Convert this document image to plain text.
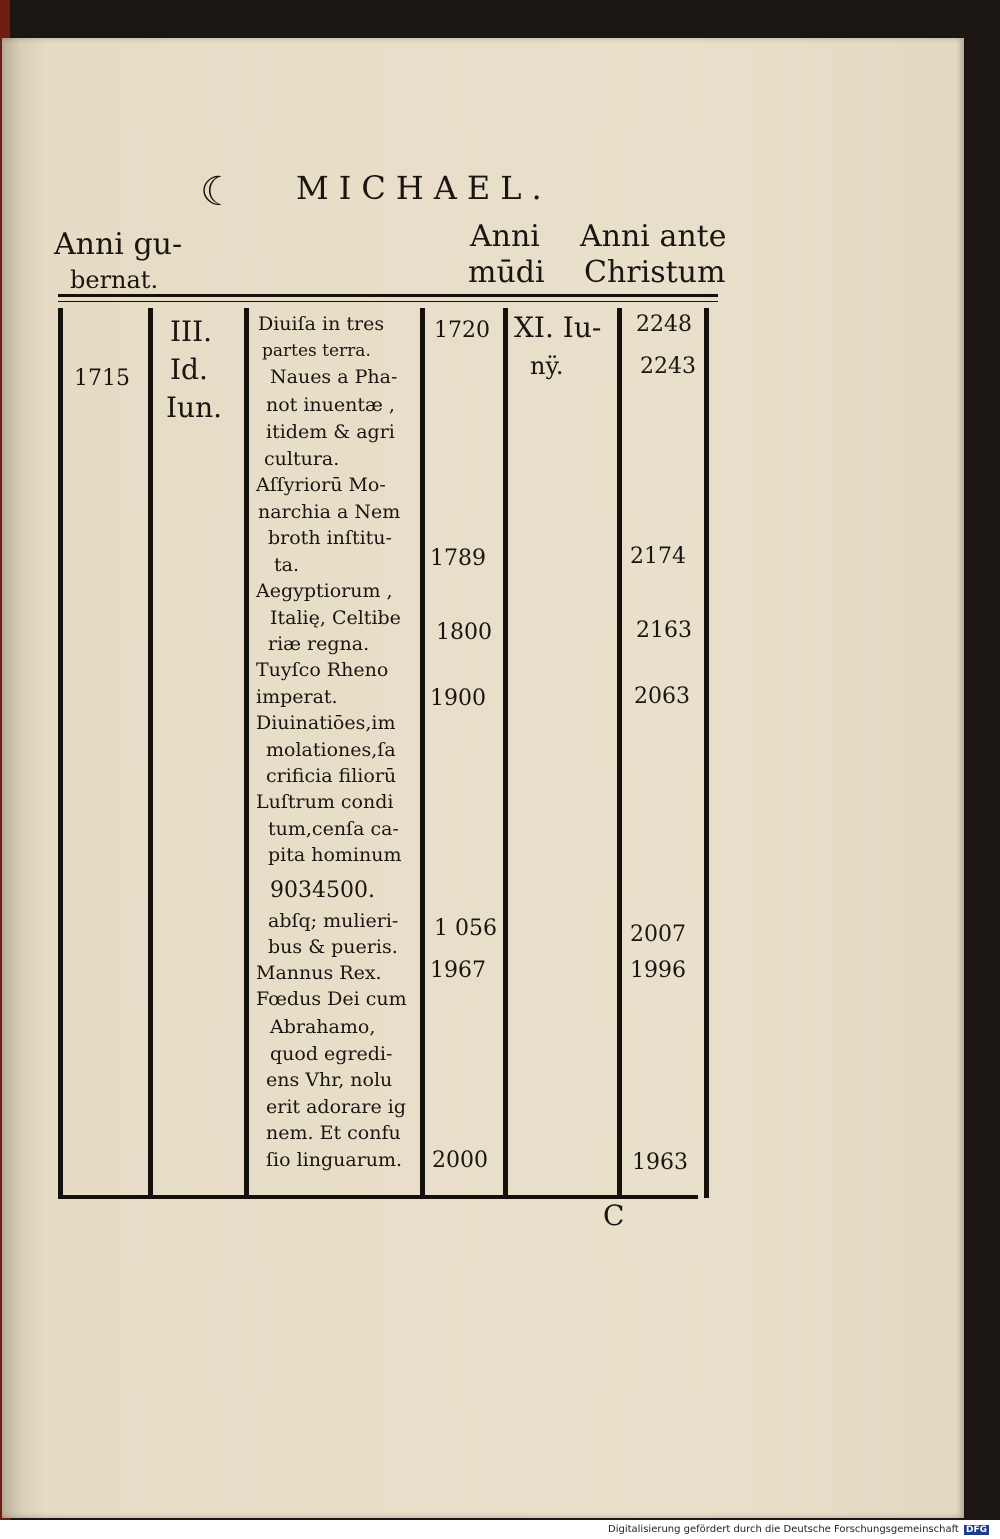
☾ MICHAEL.
Anni gu-
bernat.
Anni
mūdi
Anni ante
Christum
1715
III.
Id.
Iun.
XI. Iu-
nÿ.
Diuiſa in tres
partes terra.
Naues a Pha-
not inuentæ ,
itidem & agri
cultura.
Aſſyriorū Mo-
narchia a Nem
broth inſtitu-
ta.
Aegyptiorum ,
Italię, Celtibe
riæ regna.
Tuyſco Rheno
imperat.
Diuinatiōes,im
molationes,ſa
crificia filiorū
Luſtrum condi
tum,cenſa ca-
pita hominum
9034500.
abſq; mulieri-
bus & pueris.
Mannus Rex.
Fœdus Dei cum
Abrahamo,
quod egredi-
ens Vhr, nolu
erit adorare ig
nem. Et confu
ſio linguarum.
1720
1789
1800
1900
1 056
1967
2000
2248
2243
2174
2163
2063
2007
1996
1963
C
Digitalisierung gefördert durch die Deutsche Forschungsgemeinschaft DFG
